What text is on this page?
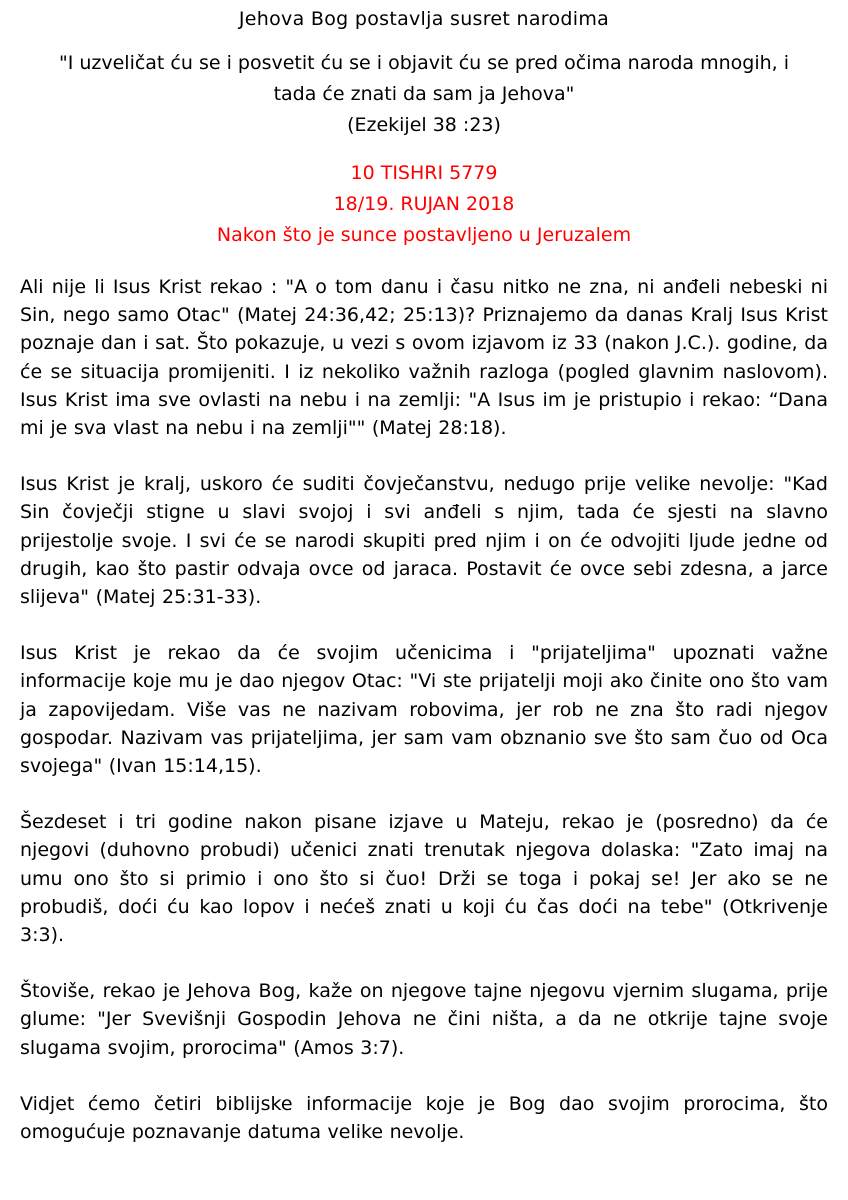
Jehova Bog postavlja susret narodima
"I uzveličat ću se i posvetit ću se i objavit ću se pred očima naroda mnogih, i
tada će znati da sam ja Jehova"
(Ezekijel 38 :23)
10 TISHRI 5779
18/19. RUJAN 2018
Nakon što je sunce postavljeno u Jeruzalem

Ali nije li Isus Krist rekao : "A o tom danu i času nitko ne zna, ni anđeli nebeski ni Sin, nego samo Otac" (Matej 24:36,42; 25:13)? Priznajemo da danas Kralj Isus Krist poznaje dan i sat. Što pokazuje, u vezi s ovom izjavom iz 33 (nakon J.C.). godine, da će se situacija promijeniti. I iz nekoliko važnih razloga (pogled glavnim naslovom). Isus Krist ima sve ovlasti na nebu i na zemlji: "A Isus im je pristupio i rekao: “Dana mi je sva vlast na nebu i na zemlji"" (Matej 28:18).

Isus Krist je kralj, uskoro će suditi čovječanstvu, nedugo prije velike nevolje: "Kad Sin čovječji stigne u slavi svojoj i svi anđeli s njim, tada će sjesti na slavno prijestolje svoje. I svi će se narodi skupiti pred njim i on će odvojiti ljude jedne od drugih, kao što pastir odvaja ovce od jaraca. Postavit će ovce sebi zdesna, a jarce slijeva" (Matej 25:31-33).

Isus Krist je rekao da će svojim učenicima i "prijateljima" upoznati važne informacije koje mu je dao njegov Otac: "Vi ste prijatelji moji ako činite ono što vam ja zapovijedam. Više vas ne nazivam robovima, jer rob ne zna što radi njegov gospodar. Nazivam vas prijateljima, jer sam vam obznanio sve što sam čuo od Oca svojega" (Ivan 15:14,15).

Šezdeset i tri godine nakon pisane izjave u Mateju, rekao je (posredno) da će njegovi (duhovno probudi) učenici znati trenutak njegova dolaska: "Zato imaj na umu ono što si primio i ono što si čuo! Drži se toga i pokaj se! Jer ako se ne probudiš, doći ću kao lopov i nećeš znati u koji ću čas doći na tebe" (Otkrivenje 3:3).

Štoviše, rekao je Jehova Bog, kaže on njegove tajne njegovu vjernim slugama, prije glume: "Jer Svevišnji Gospodin Jehova ne čini ništa, a da ne otkrije tajne svoje slugama svojim, prorocima" (Amos 3:7).

Vidjet ćemo četiri biblijske informacije koje je Bog dao svojim prorocima, što omogućuje poznavanje datuma velike nevolje.
